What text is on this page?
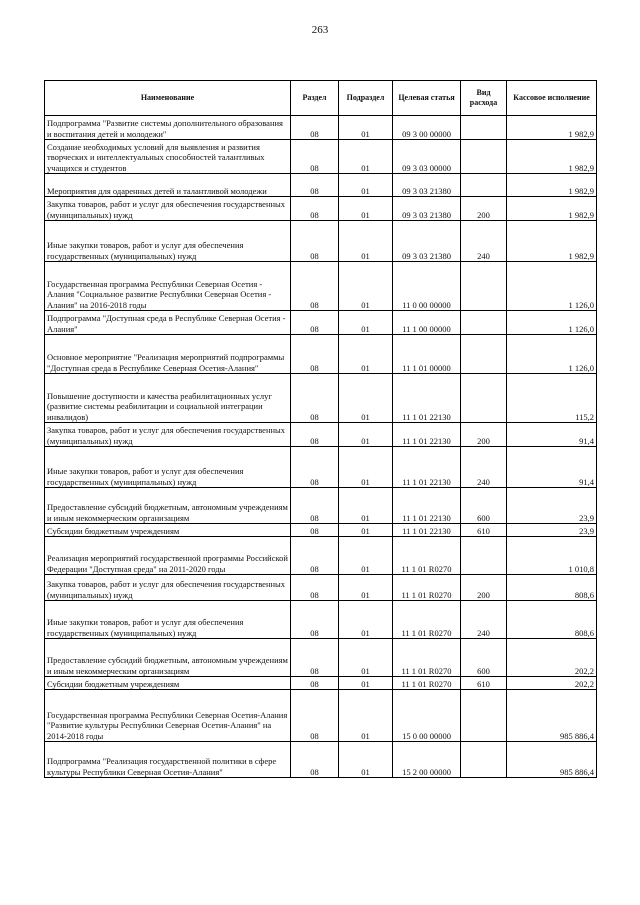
263
Наименование	Раздел	Подраздел	Целевая статья	Вид расхода	Кассовое исполнение
Подпрограмма "Развитие системы дополнительного образования и воспитания детей и молодежи"	08	01	09 3 00 00000		1 982,9
Создание необходимых условий для выявления и развития творческих и интеллектуальных способностей талантливых учащихся и студентов	08	01	09 3 03 00000		1 982,9
Мероприятия для одаренных детей и талантливой молодежи	08	01	09 3 03 21380		1 982,9
Закупка товаров, работ и услуг для обеспечения государственных (муниципальных) нужд	08	01	09 3 03 21380	200	1 982,9
Иные закупки товаров, работ и услуг для обеспечения государственных (муниципальных) нужд	08	01	09 3 03 21380	240	1 982,9
Государственная программа Республики Северная Осетия - Алания "Социальное развитие Республики Северная Осетия - Алания" на 2016-2018 годы	08	01	11 0 00 00000		1 126,0
Подпрограмма "Доступная среда в Республике Северная Осетия - Алания"	08	01	11 1 00 00000		1 126,0
Основное мероприятие "Реализация мероприятий подпрограммы "Доступная среда в Республике Северная Осетия-Алания"	08	01	11 1 01 00000		1 126,0
Повышение доступности и качества реабилитационных услуг (развитие системы реабилитации и социальной интеграции инвалидов)	08	01	11 1 01 22130		115,2
Закупка товаров, работ и услуг для обеспечения государственных (муниципальных) нужд	08	01	11 1 01 22130	200	91,4
Иные закупки товаров, работ и услуг для обеспечения государственных (муниципальных) нужд	08	01	11 1 01 22130	240	91,4
Предоставление субсидий бюджетным, автономным учреждениям и иным некоммерческим организациям	08	01	11 1 01 22130	600	23,9
Субсидии бюджетным учреждениям	08	01	11 1 01 22130	610	23,9
Реализация мероприятий государственной программы Российской Федерации "Доступная среда" на 2011-2020 годы	08	01	11 1 01 R0270		1 010,8
Закупка товаров, работ и услуг для обеспечения государственных (муниципальных) нужд	08	01	11 1 01 R0270	200	808,6
Иные закупки товаров, работ и услуг для обеспечения государственных (муниципальных) нужд	08	01	11 1 01 R0270	240	808,6
Предоставление субсидий бюджетным, автономным учреждениям и иным некоммерческим организациям	08	01	11 1 01 R0270	600	202,2
Субсидии бюджетным учреждениям	08	01	11 1 01 R0270	610	202,2
Государственная программа Республики Северная Осетия-Алания "Развитие культуры Республики Северная Осетия-Алания" на 2014-2018 годы	08	01	15 0 00 00000		985 886,4
Подпрограммa "Реализация государственной политики в сфере культуры Республики Северная Осетия-Алания"	08	01	15 2 00 00000		985 886,4
